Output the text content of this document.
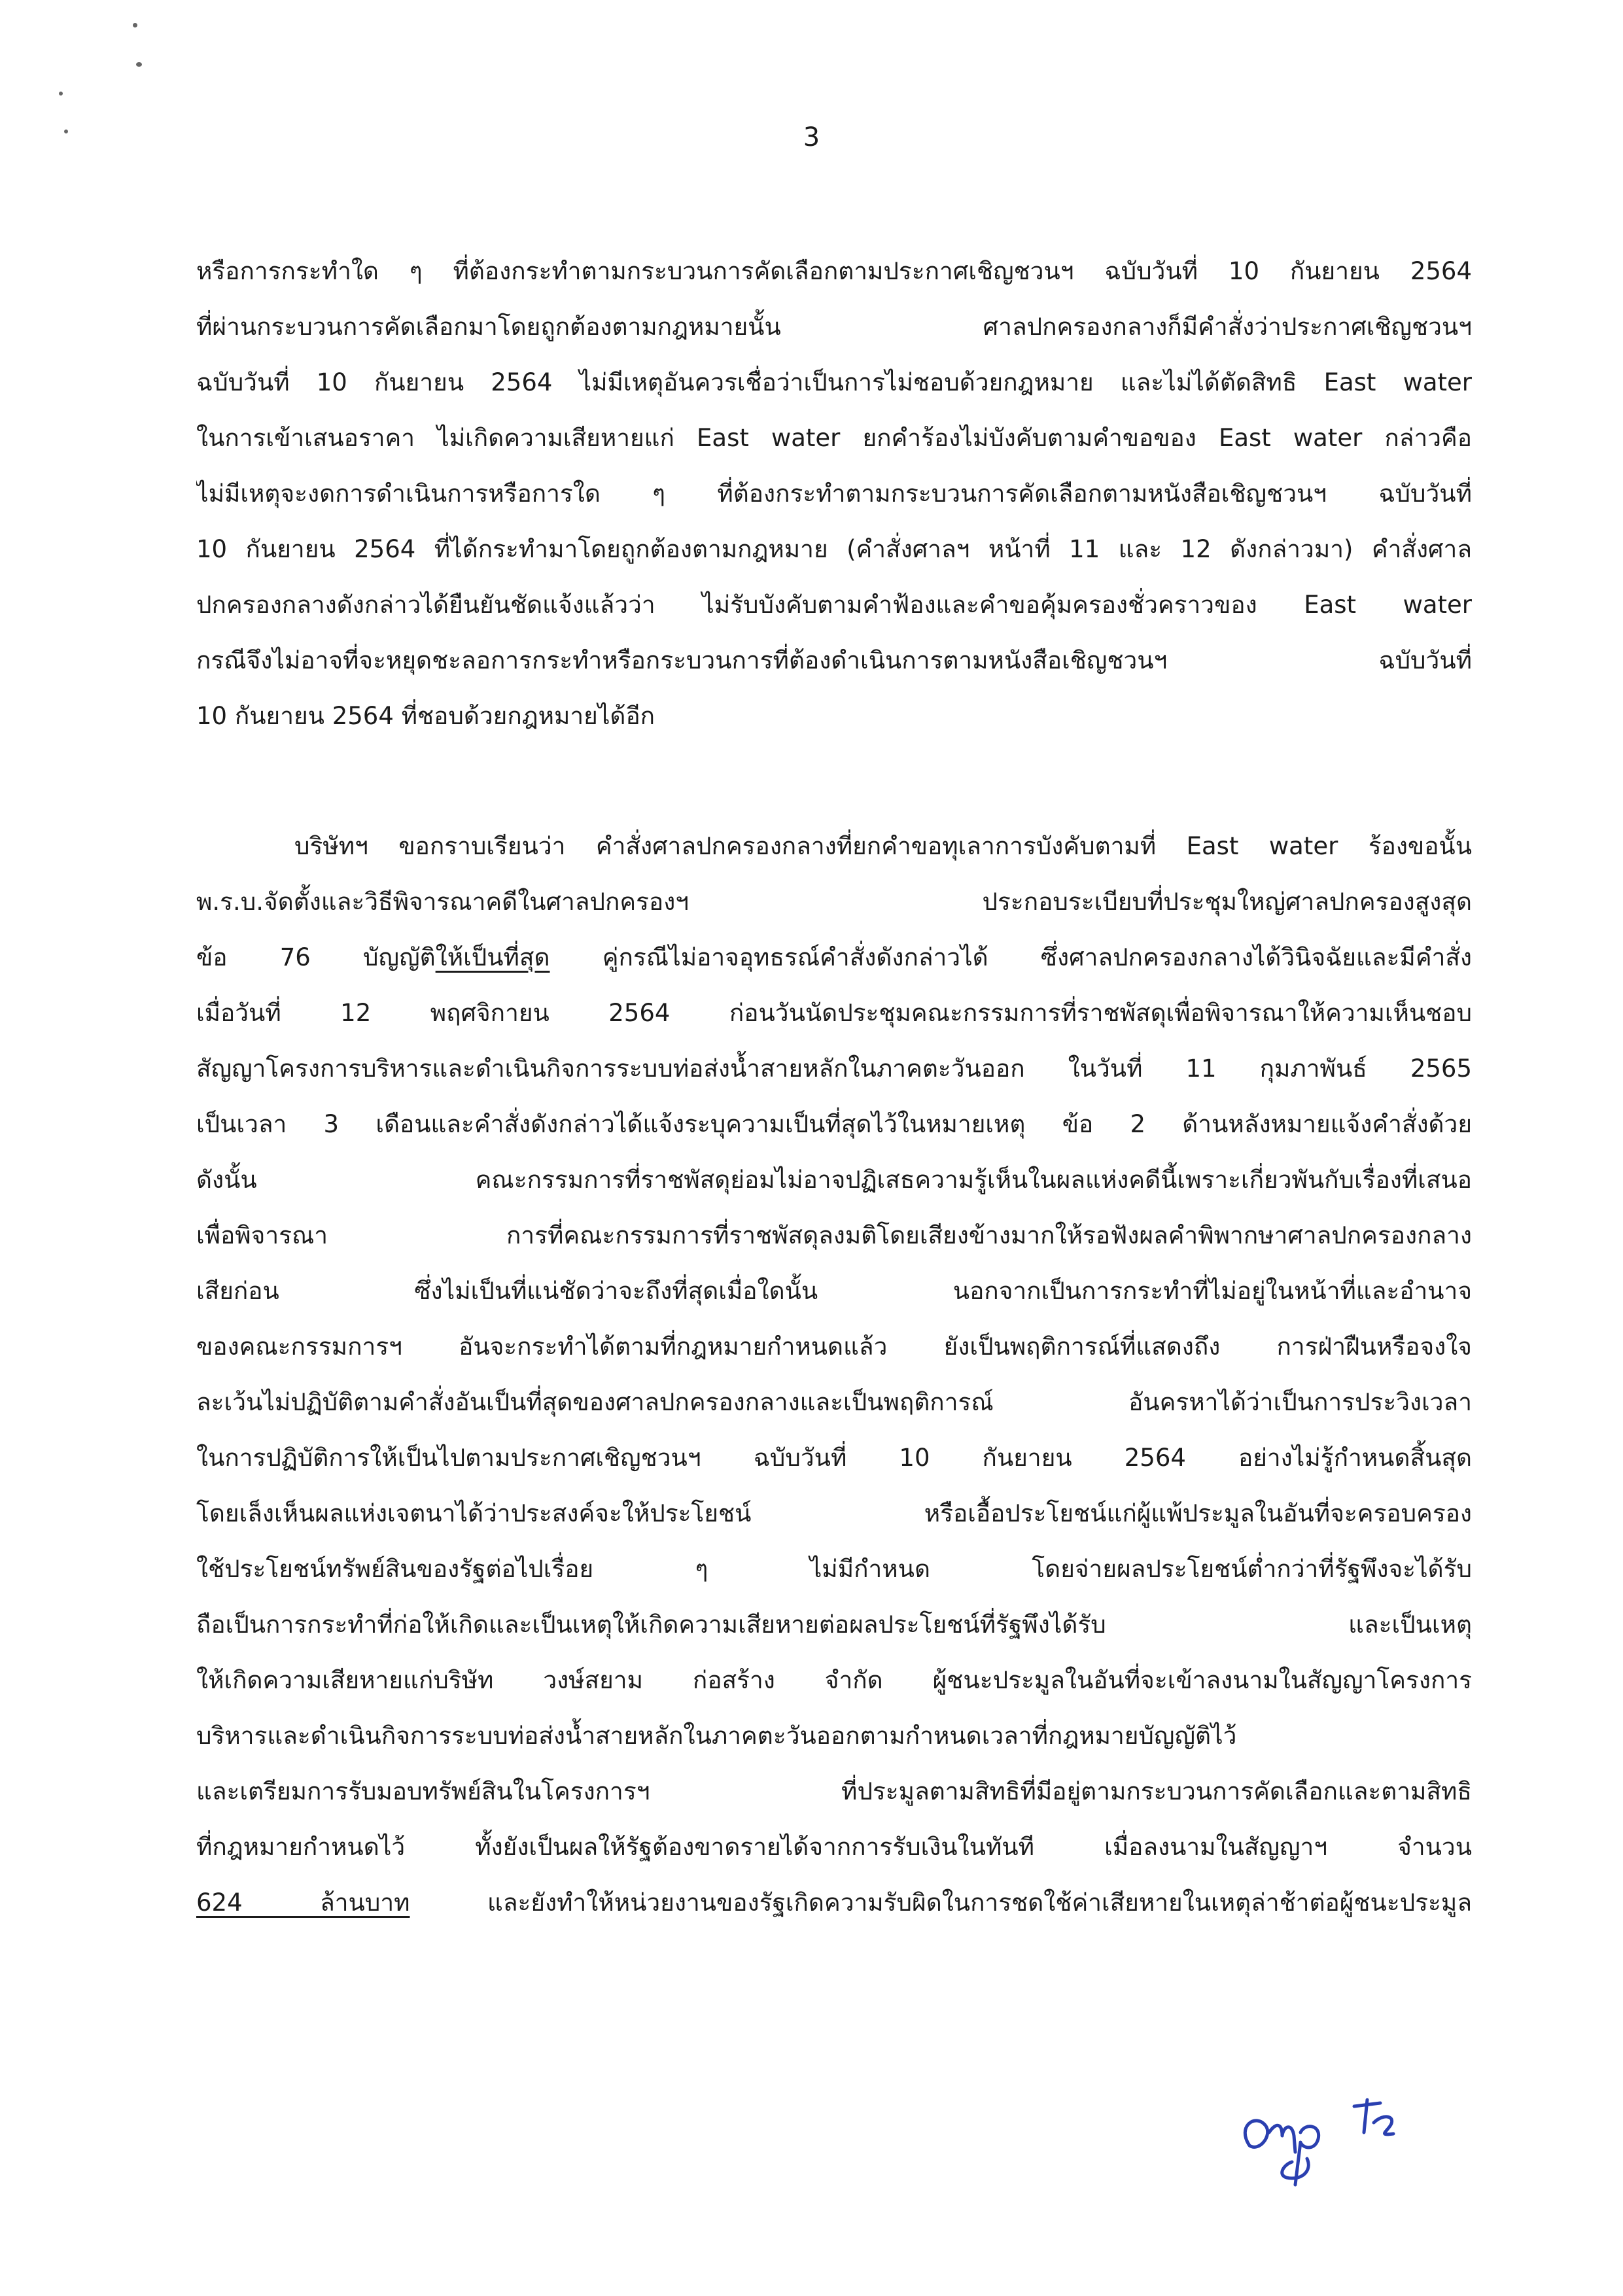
3
หรือการกระทำใด ๆ ที่ต้องกระทำตามกระบวนการคัดเลือกตามประกาศเชิญชวนฯ ฉบับวันที่ 10 กันยายน 2564
ที่ผ่านกระบวนการคัดเลือกมาโดยถูกต้องตามกฎหมายนั้น ศาลปกครองกลางก็มีคำสั่งว่าประกาศเชิญชวนฯ
ฉบับวันที่ 10 กันยายน 2564 ไม่มีเหตุอันควรเชื่อว่าเป็นการไม่ชอบด้วยกฎหมาย และไม่ได้ตัดสิทธิ East water
ในการเข้าเสนอราคา ไม่เกิดความเสียหายแก่ East water ยกคำร้องไม่บังคับตามคำขอของ East water กล่าวคือ
ไม่มีเหตุจะงดการดำเนินการหรือการใด ๆ ที่ต้องกระทำตามกระบวนการคัดเลือกตามหนังสือเชิญชวนฯ ฉบับวันที่
10 กันยายน 2564 ที่ได้กระทำมาโดยถูกต้องตามกฎหมาย (คำสั่งศาลฯ หน้าที่ 11 และ 12 ดังกล่าวมา) คำสั่งศาล
ปกครองกลางดังกล่าวได้ยืนยันชัดแจ้งแล้วว่า ไม่รับบังคับตามคำฟ้องและคำขอคุ้มครองชั่วคราวของ East water
กรณีจึงไม่อาจที่จะหยุดชะลอการกระทำหรือกระบวนการที่ต้องดำเนินการตามหนังสือเชิญชวนฯ ฉบับวันที่
10 กันยายน 2564 ที่ชอบด้วยกฎหมายได้อีก
บริษัทฯ ขอกราบเรียนว่า คำสั่งศาลปกครองกลางที่ยกคำขอทุเลาการบังคับตามที่ East water ร้องขอนั้น
พ.ร.บ.จัดตั้งและวิธีพิจารณาคดีในศาลปกครองฯ ประกอบระเบียบที่ประชุมใหญ่ศาลปกครองสูงสุด
ข้อ 76 บัญญัติให้เป็นที่สุด คู่กรณีไม่อาจอุทธรณ์คำสั่งดังกล่าวได้ ซึ่งศาลปกครองกลางได้วินิจฉัยและมีคำสั่ง
เมื่อวันที่ 12 พฤศจิกายน 2564 ก่อนวันนัดประชุมคณะกรรมการที่ราชพัสดุเพื่อพิจารณาให้ความเห็นชอบ
สัญญาโครงการบริหารและดำเนินกิจการระบบท่อส่งน้ำสายหลักในภาคตะวันออก ในวันที่ 11 กุมภาพันธ์ 2565
เป็นเวลา 3 เดือนและคำสั่งดังกล่าวได้แจ้งระบุความเป็นที่สุดไว้ในหมายเหตุ ข้อ 2 ด้านหลังหมายแจ้งคำสั่งด้วย
ดังนั้น คณะกรรมการที่ราชพัสดุย่อมไม่อาจปฏิเสธความรู้เห็นในผลแห่งคดีนี้เพราะเกี่ยวพันกับเรื่องที่เสนอ
เพื่อพิจารณา การที่คณะกรรมการที่ราชพัสดุลงมติโดยเสียงข้างมากให้รอฟังผลคำพิพากษาศาลปกครองกลาง
เสียก่อน ซึ่งไม่เป็นที่แน่ชัดว่าจะถึงที่สุดเมื่อใดนั้น นอกจากเป็นการกระทำที่ไม่อยู่ในหน้าที่และอำนาจ
ของคณะกรรมการฯ อันจะกระทำได้ตามที่กฎหมายกำหนดแล้ว ยังเป็นพฤติการณ์ที่แสดงถึง การฝ่าฝืนหรือจงใจ
ละเว้นไม่ปฏิบัติตามคำสั่งอันเป็นที่สุดของศาลปกครองกลางและเป็นพฤติการณ์ อันครหาได้ว่าเป็นการประวิงเวลา
ในการปฏิบัติการให้เป็นไปตามประกาศเชิญชวนฯ ฉบับวันที่ 10 กันยายน 2564 อย่างไม่รู้กำหนดสิ้นสุด
โดยเล็งเห็นผลแห่งเจตนาได้ว่าประสงค์จะให้ประโยชน์ หรือเอื้อประโยชน์แก่ผู้แพ้ประมูลในอันที่จะครอบครอง
ใช้ประโยชน์ทรัพย์สินของรัฐต่อไปเรื่อย ๆ ไม่มีกำหนด โดยจ่ายผลประโยชน์ต่ำกว่าที่รัฐพึงจะได้รับ
ถือเป็นการกระทำที่ก่อให้เกิดและเป็นเหตุให้เกิดความเสียหายต่อผลประโยชน์ที่รัฐพึงได้รับ และเป็นเหตุ
ให้เกิดความเสียหายแก่บริษัท วงษ์สยาม ก่อสร้าง จำกัด ผู้ชนะประมูลในอันที่จะเข้าลงนามในสัญญาโครงการ
บริหารและดำเนินกิจการระบบท่อส่งน้ำสายหลักในภาคตะวันออกตามกำหนดเวลาที่กฎหมายบัญญัติไว้
และเตรียมการรับมอบทรัพย์สินในโครงการฯ ที่ประมูลตามสิทธิที่มีอยู่ตามกระบวนการคัดเลือกและตามสิทธิ
ที่กฎหมายกำหนดไว้ ทั้งยังเป็นผลให้รัฐต้องขาดรายได้จากการรับเงินในทันที เมื่อลงนามในสัญญาฯ จำนวน
624 ล้านบาท และยังทำให้หน่วยงานของรัฐเกิดความรับผิดในการชดใช้ค่าเสียหายในเหตุล่าช้าต่อผู้ชนะประมูล
